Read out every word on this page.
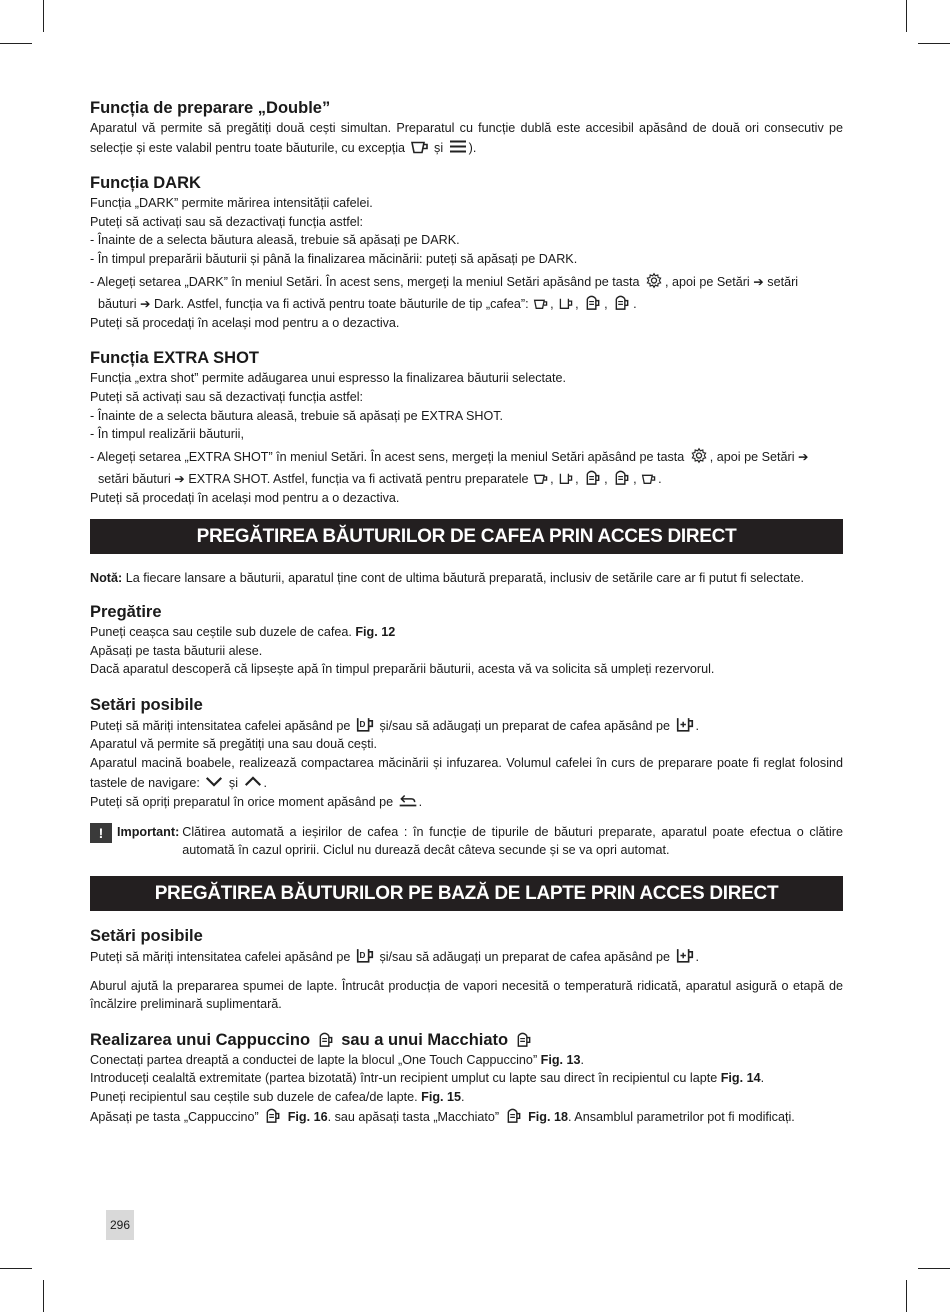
Funcția de preparare „Double”

Aparatul vă permite să pregătiți două cești simultan. Preparatul cu funcție dublă este accesibil apăsând de două ori consecutiv pe selecție și este valabil pentru toate băuturile, cu excepția și ).

Funcția DARK

Funcția „DARK” permite mărirea intensității cafelei.

Puteți să activați sau să dezactivați funcția astfel:

- Înainte de a selecta băutura aleasă, trebuie să apăsați pe DARK.

- În timpul preparării băuturii și până la finalizarea măcinării: puteți să apăsați pe DARK.

- Alegeți setarea „DARK” în meniul Setări. În acest sens, mergeți la meniul Setări apăsând pe tasta , apoi pe Setări ➔ setări

băuturi ➔ Dark. Astfel, funcția va fi activă pentru toate băuturile de tip „cafea”: , , , .

Puteți să procedați în același mod pentru a o dezactiva.

Funcția EXTRA SHOT

Funcția „extra shot” permite adăugarea unui espresso la finalizarea băuturii selectate.

Puteți să activați sau să dezactivați funcția astfel:

- Înainte de a selecta băutura aleasă, trebuie să apăsați pe EXTRA SHOT.

- În timpul realizării băuturii,

- Alegeți setarea „EXTRA SHOT” în meniul Setări. În acest sens, mergeți la meniul Setări apăsând pe tasta , apoi pe Setări ➔

setări băuturi ➔ EXTRA SHOT. Astfel, funcția va fi activată pentru preparatele , , , , .

Puteți să procedați în același mod pentru a o dezactiva.

PREGĂTIREA BĂUTURILOR DE CAFEA PRIN ACCES DIRECT

Notă: La fiecare lansare a băuturii, aparatul ține cont de ultima băutură preparată, inclusiv de setările care ar fi putut fi selectate.

Pregătire

Puneți ceașca sau ceștile sub duzele de cafea. Fig. 12

Apăsați pe tasta băuturii alese.

Dacă aparatul descoperă că lipsește apă în timpul preparării băuturii, acesta vă va solicita să umpleți rezervorul.

Setări posibile

Puteți să măriți intensitatea cafelei apăsând pe și/sau să adăugați un preparat de cafea apăsând pe .

Aparatul vă permite să pregătiți una sau două cești.

Aparatul macină boabele, realizează compactarea măcinării și infuzarea. Volumul cafelei în curs de preparare poate fi reglat folosind tastele de navigare: și .

Puteți să opriți preparatul în orice moment apăsând pe .

!	Important: Clătirea automată a ieșirilor de cafea : în funcție de tipurile de băuturi preparate, aparatul poate efectua o clătire automată în cazul opririi. Ciclul nu durează decât câteva secunde și se va opri automat.
PREGĂTIREA BĂUTURILOR PE BAZĂ DE LAPTE PRIN ACCES DIRECT
Setări posibile

Puteți să măriți intensitatea cafelei apăsând pe și/sau să adăugați un preparat de cafea apăsând pe .

Aburul ajută la prepararea spumei de lapte. Întrucât producția de vapori necesită o temperatură ridicată, aparatul asigură o etapă de încălzire preliminară suplimentară.

Realizarea unui Cappuccino sau a unui Macchiato

Conectați partea dreaptă a conductei de lapte la blocul „One Touch Cappuccino” Fig. 13.

Introduceți cealaltă extremitate (partea bizotată) într-un recipient umplut cu lapte sau direct în recipientul cu lapte Fig. 14.

Puneți recipientul sau ceștile sub duzele de cafea/de lapte. Fig. 15.

Apăsați pe tasta „Cappuccino” Fig. 16. sau apăsați tasta „Macchiato” Fig. 18. Ansamblul parametrilor pot fi modificați.

296
